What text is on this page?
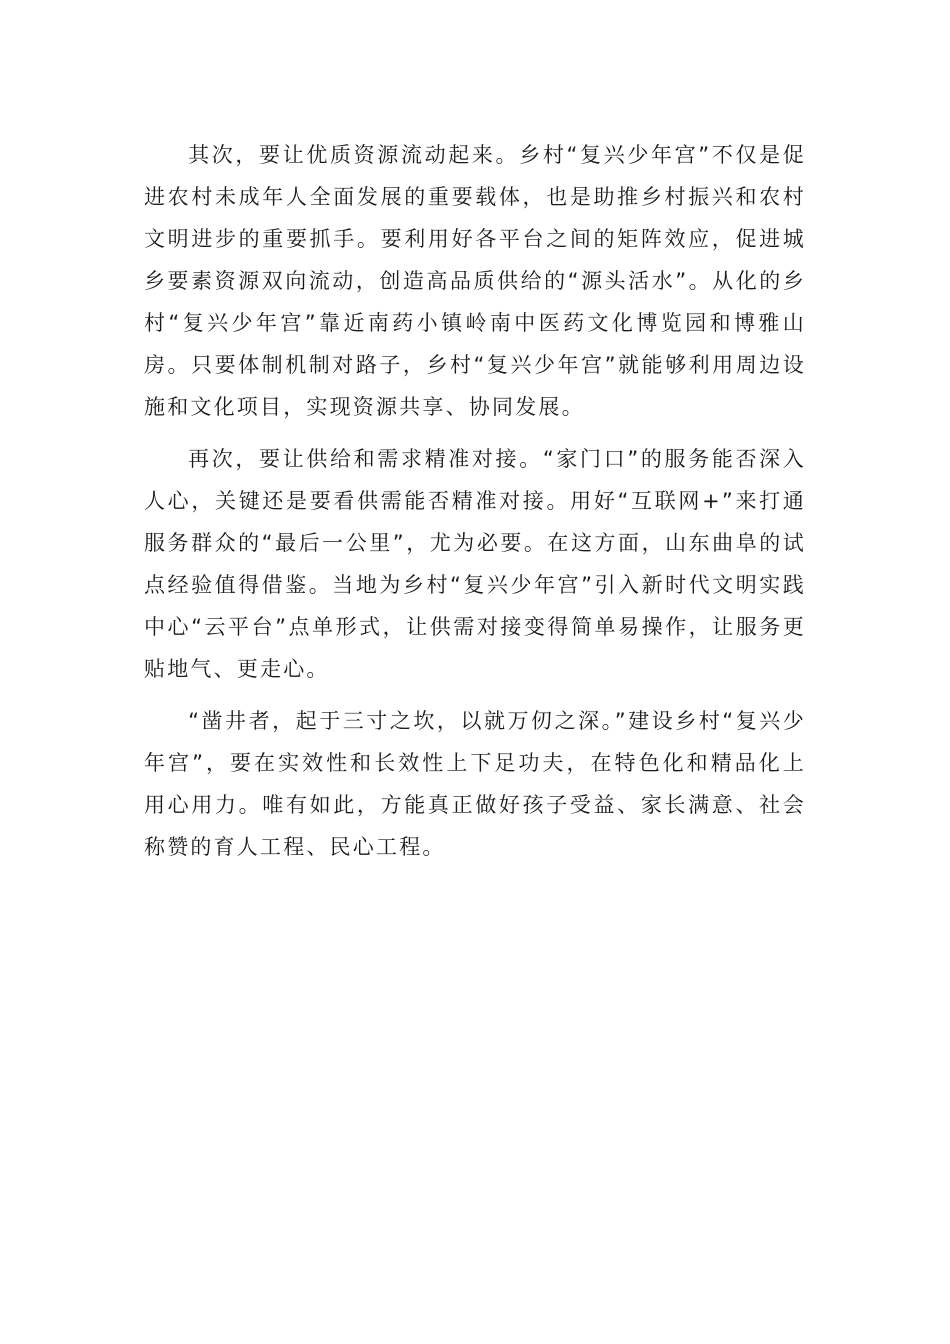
其次，要让优质资源流动起来。乡村“复兴少年宫”不仅是促进农村未成年人全面发展的重要载体，也是助推乡村振兴和农村文明进步的重要抓手。要利用好各平台之间的矩阵效应，促进城乡要素资源双向流动，创造高品质供给的“源头活水”。从化的乡村“复兴少年宫”靠近南药小镇岭南中医药文化博览园和博雅山房。只要体制机制对路子，乡村“复兴少年宫”就能够利用周边设施和文化项目，实现资源共享、协同发展。

再次，要让供给和需求精准对接。“家门口”的服务能否深入人心，关键还是要看供需能否精准对接。用好“互联网+”来打通服务群众的“最后一公里”，尤为必要。在这方面，山东曲阜的试点经验值得借鉴。当地为乡村“复兴少年宫”引入新时代文明实践中心“云平台”点单形式，让供需对接变得简单易操作，让服务更贴地气、更走心。

“凿井者，起于三寸之坎，以就万仞之深。”建设乡村“复兴少年宫”，要在实效性和长效性上下足功夫，在特色化和精品化上用心用力。唯有如此，方能真正做好孩子受益、家长满意、社会称赞的育人工程、民心工程。
